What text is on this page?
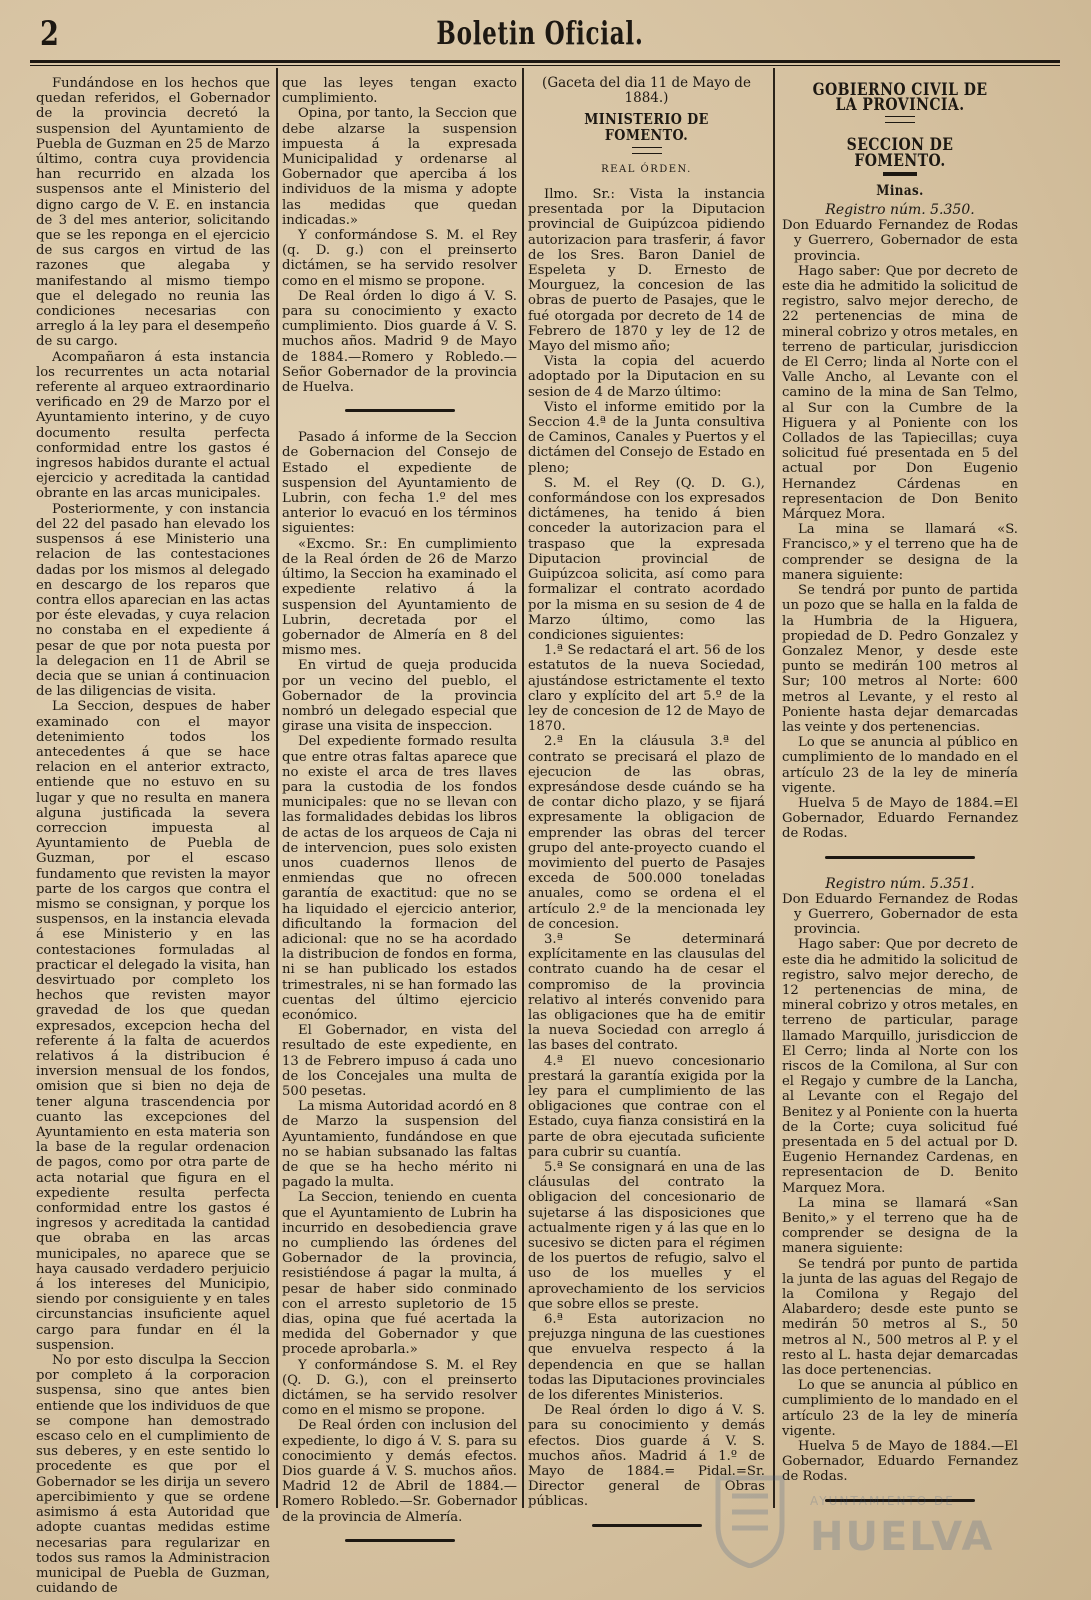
2	Boletin Oficial.

Fundándose en los hechos que quedan referidos, el Gobernador de la provincia decretó la suspension del Ayuntamiento de Puebla de Guzman en 25 de Marzo último, contra cuya providencia han recurrido en alzada los suspensos ante el Ministerio del digno cargo de V. E. en instancia de 3 del mes anterior, solicitando que se les reponga en el ejercicio de sus cargos en virtud de las razones que alegaba y manifestando al mismo tiempo que el delegado no reunia las condiciones necesarias con arreglo á la ley para el desempeño de su cargo.

Acompañaron á esta instancia los recurrentes un acta notarial referente al arqueo extraordinario verificado en 29 de Marzo por el Ayuntamiento interino, y de cuyo documento resulta perfecta conformidad entre los gastos é ingresos habidos durante el actual ejercicio y acreditada la cantidad obrante en las arcas municipales.

Posteriormente, y con instancia del 22 del pasado han elevado los suspensos á ese Ministerio una relacion de las contestaciones dadas por los mismos al delegado en descargo de los reparos que contra ellos aparecian en las actas por éste elevadas, y cuya relacion no constaba en el expediente á pesar de que por nota puesta por la delegacion en 11 de Abril se decia que se unian á continuacion de las diligencias de visita.

La Seccion, despues de haber examinado con el mayor detenimiento todos los antecedentes á que se hace relacion en el anterior extracto, entiende que no estuvo en su lugar y que no resulta en manera alguna justificada la severa correccion impuesta al Ayuntamiento de Puebla de Guzman, por el escaso fundamento que revisten la mayor parte de los cargos que contra el mismo se consignan, y porque los suspensos, en la instancia elevada á ese Ministerio y en las contestaciones formuladas al practicar el delegado la visita, han desvirtuado por completo los hechos que revisten mayor gravedad de los que quedan expresados, excepcion hecha del referente á la falta de acuerdos relativos á la distribucion é inversion mensual de los fondos, omision que si bien no deja de tener alguna trascendencia por cuanto las excepciones del Ayuntamiento en esta materia son la base de la regular ordenacion de pagos, como por otra parte de acta notarial que figura en el expediente resulta perfecta conformidad entre los gastos é ingresos y acreditada la cantidad que obraba en las arcas municipales, no aparece que se haya causado verdadero perjuicio á los intereses del Municipio, siendo por consiguiente y en tales circunstancias insuficiente aquel cargo para fundar en él la suspension.

No por esto disculpa la Seccion por completo á la corporacion suspensa, sino que antes bien entiende que los individuos de que se compone han demostrado escaso celo en el cumplimiento de sus deberes, y en este sentido lo procedente es que por el Gobernador se les dirija un severo apercibimiento y que se ordene asimismo á esta Autoridad que adopte cuantas medidas estime necesarias para regularizar en todos sus ramos la Administracion municipal de Puebla de Guzman, cuidando de

que las leyes tengan exacto cumplimiento.

Opina, por tanto, la Seccion que debe alzarse la suspension impuesta á la expresada Municipalidad y ordenarse al Gobernador que aperciba á los individuos de la misma y adopte las medidas que quedan indicadas.»

Y conformándose S. M. el Rey (q. D. g.) con el preinserto dictámen, se ha servido resolver como en el mismo se propone.

De Real órden lo digo á V. S. para su conocimiento y exacto cumplimiento. Dios guarde á V. S. muchos años. Madrid 9 de Mayo de 1884.—Romero y Robledo.—Señor Gobernador de la provincia de Huelva.

Pasado á informe de la Seccion de Gobernacion del Consejo de Estado el expediente de suspension del Ayuntamiento de Lubrin, con fecha 1.º del mes anterior lo evacuó en los términos siguientes:

«Excmo. Sr.: En cumplimiento de la Real órden de 26 de Marzo último, la Seccion ha examinado el expediente relativo á la suspension del Ayuntamiento de Lubrin, decretada por el gobernador de Almería en 8 del mismo mes.

En virtud de queja producida por un vecino del pueblo, el Gobernador de la provincia nombró un delegado especial que girase una visita de inspeccion.

Del expediente formado resulta que entre otras faltas aparece que no existe el arca de tres llaves para la custodia de los fondos municipales: que no se llevan con las formalidades debidas los libros de actas de los arqueos de Caja ni de intervencion, pues solo existen unos cuadernos llenos de enmiendas que no ofrecen garantía de exactitud: que no se ha liquidado el ejercicio anterior, dificultando la formacion del adicional: que no se ha acordado la distribucion de fondos en forma, ni se han publicado los estados trimestrales, ni se han formado las cuentas del último ejercicio económico.

El Gobernador, en vista del resultado de este expediente, en 13 de Febrero impuso á cada uno de los Concejales una multa de 500 pesetas.

La misma Autoridad acordó en 8 de Marzo la suspension del Ayuntamiento, fundándose en que no se habian subsanado las faltas de que se ha hecho mérito ni pagado la multa.

La Seccion, teniendo en cuenta que el Ayuntamiento de Lubrin ha incurrido en desobediencia grave no cumpliendo las órdenes del Gobernador de la provincia, resistiéndose á pagar la multa, á pesar de haber sido conminado con el arresto supletorio de 15 dias, opina que fué acertada la medida del Gobernador y que procede aprobarla.»

Y conformándose S. M. el Rey (Q. D. G.), con el preinserto dictámen, se ha servido resolver como en el mismo se propone.

De Real órden con inclusion del expediente, lo digo á V. S. para su conocimiento y demás efectos. Dios guarde á V. S. muchos años. Madrid 12 de Abril de 1884.—Romero Robledo.—Sr. Gobernador de la provincia de Almería.

(Gaceta del dia 11 de Mayo de 1884.)

MINISTERIO DE FOMENTO.
REAL ÓRDEN.

Ilmo. Sr.: Vista la instancia presentada por la Diputacion provincial de Guipúzcoa pidiendo autorizacion para trasferir, á favor de los Sres. Baron Daniel de Espeleta y D. Ernesto de Mourguez, la concesion de las obras de puerto de Pasajes, que le fué otorgada por decreto de 14 de Febrero de 1870 y ley de 12 de Mayo del mismo año;

Vista la copia del acuerdo adoptado por la Diputacion en su sesion de 4 de Marzo último:

Visto el informe emitido por la Seccion 4.ª de la Junta consultiva de Caminos, Canales y Puertos y el dictámen del Consejo de Estado en pleno;

S. M. el Rey (Q. D. G.), conformándose con los expresados dictámenes, ha tenido á bien conceder la autorizacion para el traspaso que la expresada Diputacion provincial de Guipúzcoa solicita, así como para formalizar el contrato acordado por la misma en su sesion de 4 de Marzo último, como las condiciones siguientes:

1.ª Se redactará el art. 56 de los estatutos de la nueva Sociedad, ajustándose estrictamente el texto claro y explícito del art 5.º de la ley de concesion de 12 de Mayo de 1870.

2.ª En la cláusula 3.ª del contrato se precisará el plazo de ejecucion de las obras, expresándose desde cuándo se ha de contar dicho plazo, y se fijará expresamente la obligacion de emprender las obras del tercer grupo del ante-proyecto cuando el movimiento del puerto de Pasajes exceda de 500.000 toneladas anuales, como se ordena el el artículo 2.º de la mencionada ley de concesion.

3.ª Se determinará explícitamente en las clausulas del contrato cuando ha de cesar el compromiso de la provincia relativo al interés convenido para las obligaciones que ha de emitir la nueva Sociedad con arreglo á las bases del contrato.

4.ª El nuevo concesionario prestará la garantía exigida por la ley para el cumplimiento de las obligaciones que contrae con el Estado, cuya fianza consistirá en la parte de obra ejecutada suficiente para cubrir su cuantía.

5.ª Se consignará en una de las cláusulas del contrato la obligacion del concesionario de sujetarse á las disposiciones que actualmente rigen y á las que en lo sucesivo se dicten para el régimen de los puertos de refugio, salvo el uso de los muelles y el aprovechamiento de los servicios que sobre ellos se preste.

6.ª Esta autorizacion no prejuzga ninguna de las cuestiones que envuelva respecto á la dependencia en que se hallan todas las Diputaciones provinciales de los diferentes Ministerios.

De Real órden lo digo á V. S. para su conocimiento y demás efectos. Dios guarde á V. S. muchos años. Madrid á 1.º de Mayo de 1884.= Pidal.=Sr. Director general de Obras públicas.

GOBIERNO CIVIL DE LA PROVINCIA.
SECCION DE FOMENTO.
Minas.

Registro núm. 5.350.

Don Eduardo Fernandez de Rodas y Guerrero, Gobernador de esta provincia.

Hago saber: Que por decreto de este dia he admitido la solicitud de registro, salvo mejor derecho, de 22 pertenencias de mina de mineral cobrizo y otros metales, en terreno de particular, jurisdiccion de El Cerro; linda al Norte con el Valle Ancho, al Levante con el camino de la mina de San Telmo, al Sur con la Cumbre de la Higuera y al Poniente con los Collados de las Tapiecillas; cuya solicitud fué presentada en 5 del actual por Don Eugenio Hernandez Cárdenas en representacion de Don Benito Márquez Mora.

La mina se llamará «S. Francisco,» y el terreno que ha de comprender se designa de la manera siguiente:

Se tendrá por punto de partida un pozo que se halla en la falda de la Humbria de la Higuera, propiedad de D. Pedro Gonzalez y Gonzalez Menor, y desde este punto se medirán 100 metros al Sur; 100 metros al Norte: 600 metros al Levante, y el resto al Poniente hasta dejar demarcadas las veinte y dos pertenencias.

Lo que se anuncia al público en cumplimiento de lo mandado en el artículo 23 de la ley de minería vigente.

Huelva 5 de Mayo de 1884.=El Gobernador, Eduardo Fernandez de Rodas.

Registro núm. 5.351.

Don Eduardo Fernandez de Rodas y Guerrero, Gobernador de esta provincia.

Hago saber: Que por decreto de este dia he admitido la solicitud de registro, salvo mejor derecho, de 12 pertenencias de mina, de mineral cobrizo y otros metales, en terreno de particular, parage llamado Marquillo, jurisdiccion de El Cerro; linda al Norte con los riscos de la Comilona, al Sur con el Regajo y cumbre de la Lancha, al Levante con el Regajo del Benitez y al Poniente con la huerta de la Corte; cuya solicitud fué presentada en 5 del actual por D. Eugenio Hernandez Cardenas, en representacion de D. Benito Marquez Mora.

La mina se llamará «San Benito,» y el terreno que ha de comprender se designa de la manera siguiente:

Se tendrá por punto de partida la junta de las aguas del Regajo de la Comilona y Regajo del Alabardero; desde este punto se medirán 50 metros al S., 50 metros al N., 500 metros al P. y el resto al L. hasta dejar demarcadas las doce pertenencias.

Lo que se anuncia al público en cumplimiento de lo mandado en el artículo 23 de la ley de minería vigente.

Huelva 5 de Mayo de 1884.—El Gobernador, Eduardo Fernandez de Rodas.

AYUNTAMIENTO DE
HUELVA
